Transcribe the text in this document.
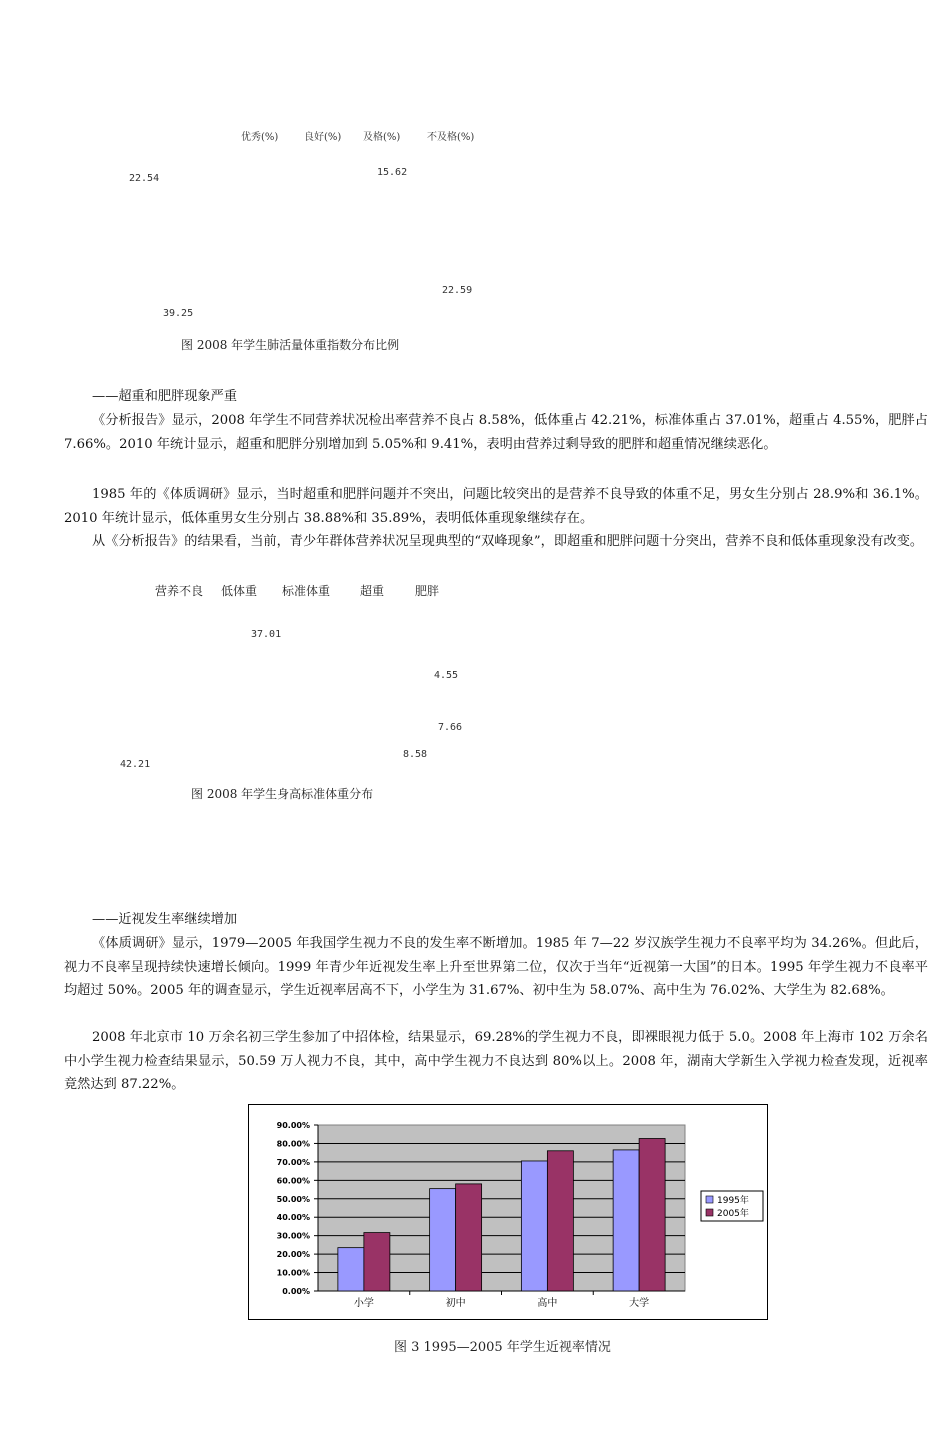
优秀(%)	良好(%) 及格(%)	不及格(%)
22.54
15.62
22.59
39.25
图 2008 年学生肺活量体重指数分布比例
——超重和肥胖现象严重
《分析报告》显示，2008 年学生不同营养状况检出率营养不良占 8.58%，低体重占 42.21%，标准体重占 37.01%，超重占 4.55%，肥胖占 7.66%。2010 年统计显示，超重和肥胖分别增加到 5.05%和 9.41%，表明由营养过剩导致的肥胖和超重情况继续恶化。
1985 年的《体质调研》显示，当时超重和肥胖问题并不突出，问题比较突出的是营养不良导致的体重不足，男女生分别占 28.9%和 36.1%。2010 年统计显示，低体重男女生分别占 38.88%和 35.89%，表明低体重现象继续存在。
从《分析报告》的结果看，当前，青少年群体营养状况呈现典型的“双峰现象”，即超重和肥胖问题十分突出，营养不良和低体重现象没有改变。
营养不良 低体重 标准体重 超重	肥胖
37.01
4.55
7.66
8.58
42.21
图 2008 年学生身高标准体重分布
——近视发生率继续增加
《体质调研》显示，1979—2005 年我国学生视力不良的发生率不断增加。1985 年 7—22 岁汉族学生视力不良率平均为 34.26%。但此后，视力不良率呈现持续快速增长倾向。1999 年青少年近视发生率上升至世界第二位，仅次于当年“近视第一大国”的日本。1995 年学生视力不良率平均超过 50%。2005 年的调查显示，学生近视率居高不下，小学生为 31.67%、初中生为 58.07%、高中生为 76.02%、大学生为 82.68%。
2008 年北京市 10 万余名初三学生参加了中招体检，结果显示，69.28%的学生视力不良，即裸眼视力低于 5.0。2008 年上海市 102 万余名中小学生视力检查结果显示，50.59 万人视力不良，其中，高中学生视力不良达到 80%以上。2008 年，湖南大学新生入学视力检查发现，近视率竟然达到 87.22%。
0.00%
10.00%
20.00%
30.00%
40.00%
50.00%
60.00%
70.00%
80.00%
90.00%
小学	初中	高中	大学
1995年
2005年
图 3 1995—2005 年学生近视率情况
